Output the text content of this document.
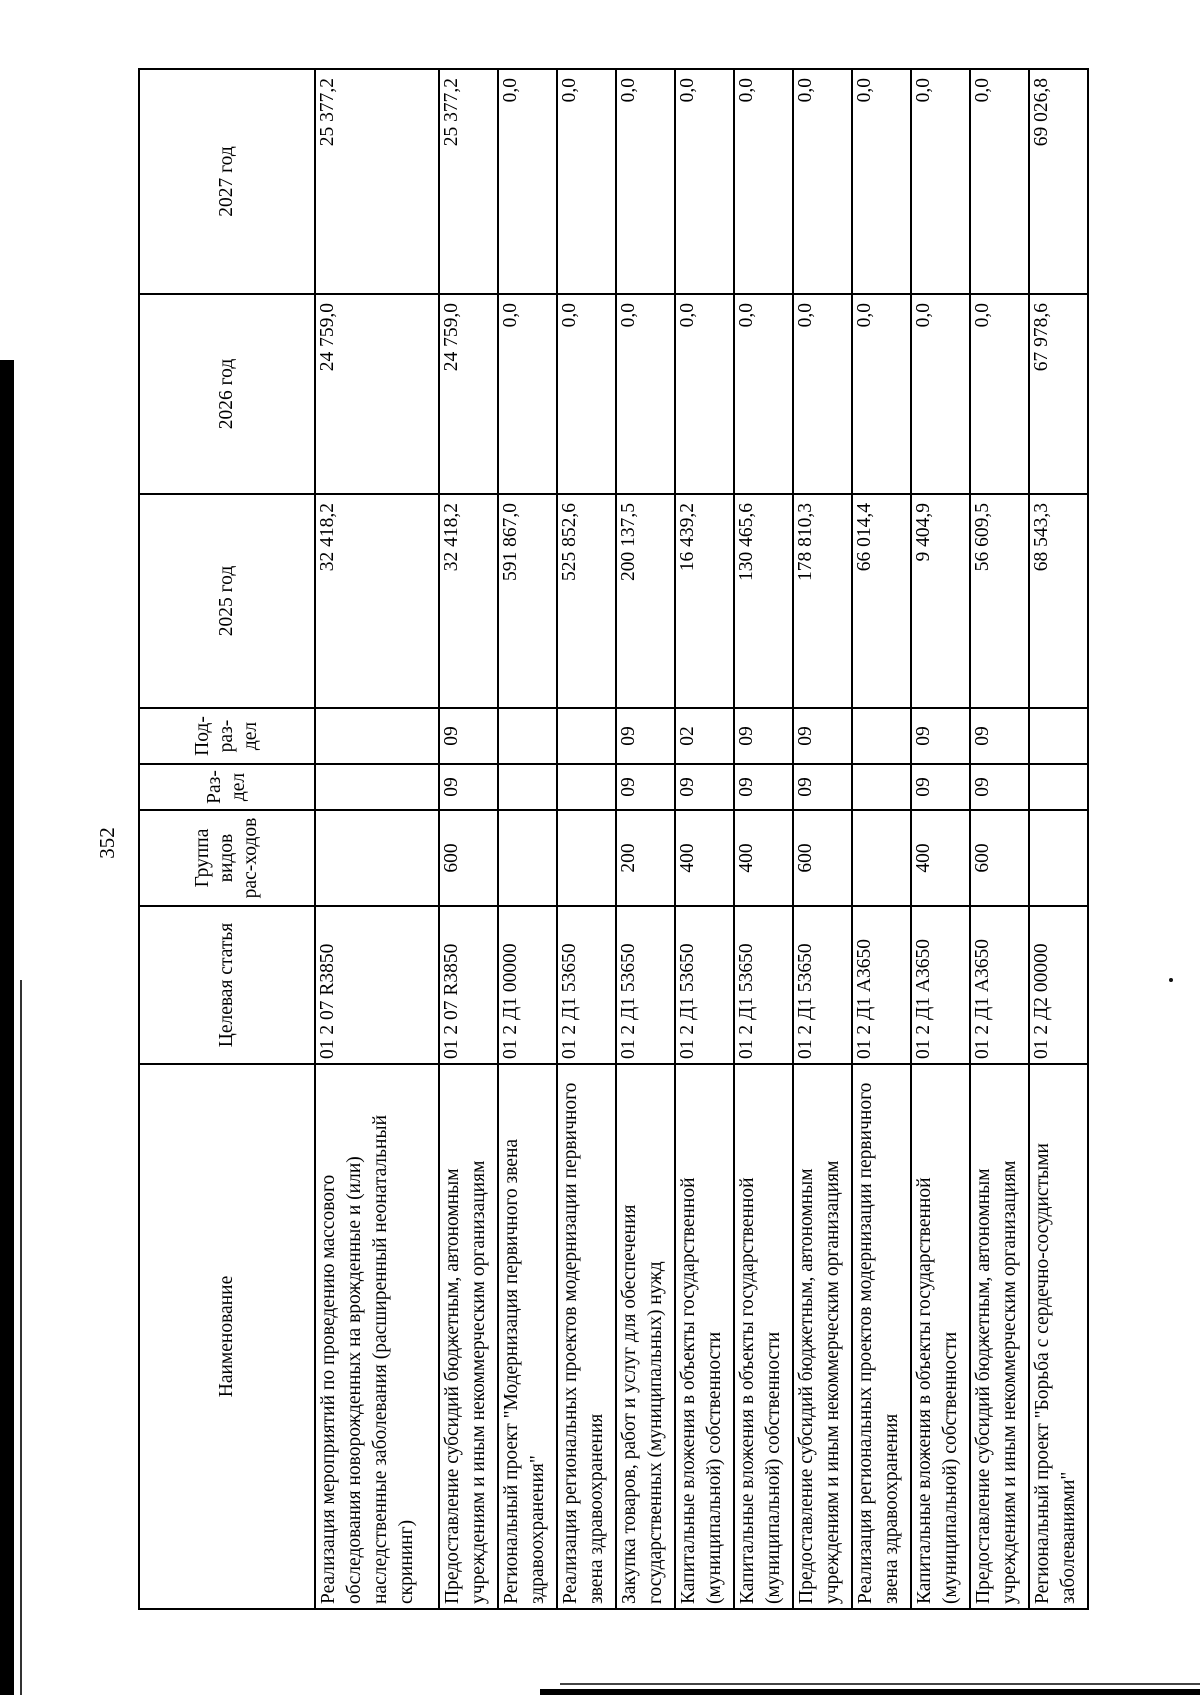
352
Наименование	Целевая статья	Группа видов рас-ходов	Раз-дел	Под-раз-дел	2025 год	2026 год	2027 год
Реализация мероприятий по проведению массового обследования новорожденных на врожденные и (или) наследственные заболевания (расширенный неонатальный скрининг)	01 2 07 R3850				32 418,2	24 759,0	25 377,2
Предоставление субсидий бюджетным, автономным учреждениям и иным некоммерческим организациям	01 2 07 R3850	600	09	09	32 418,2	24 759,0	25 377,2
Региональный проект "Модернизация первичного звена здравоохранения"	01 2 Д1 00000				591 867,0	0,0	0,0
Реализация региональных проектов модернизации первичного звена здравоохранения	01 2 Д1 53650				525 852,6	0,0	0,0
Закупка товаров, работ и услуг для обеспечения государственных (муниципальных) нужд	01 2 Д1 53650	200	09	09	200 137,5	0,0	0,0
Капитальные вложения в объекты государственной (муниципальной) собственности	01 2 Д1 53650	400	09	02	16 439,2	0,0	0,0
Капитальные вложения в объекты государственной (муниципальной) собственности	01 2 Д1 53650	400	09	09	130 465,6	0,0	0,0
Предоставление субсидий бюджетным, автономным учреждениям и иным некоммерческим организациям	01 2 Д1 53650	600	09	09	178 810,3	0,0	0,0
Реализация региональных проектов модернизации первичного звена здравоохранения	01 2 Д1 А3650				66 014,4	0,0	0,0
Капитальные вложения в объекты государственной (муниципальной) собственности	01 2 Д1 А3650	400	09	09	9 404,9	0,0	0,0
Предоставление субсидий бюджетным, автономным учреждениям и иным некоммерческим организациям	01 2 Д1 А3650	600	09	09	56 609,5	0,0	0,0
Региональный проект "Борьба с сердечно-сосудистыми заболеваниями"	01 2 Д2 00000				68 543,3	67 978,6	69 026,8
